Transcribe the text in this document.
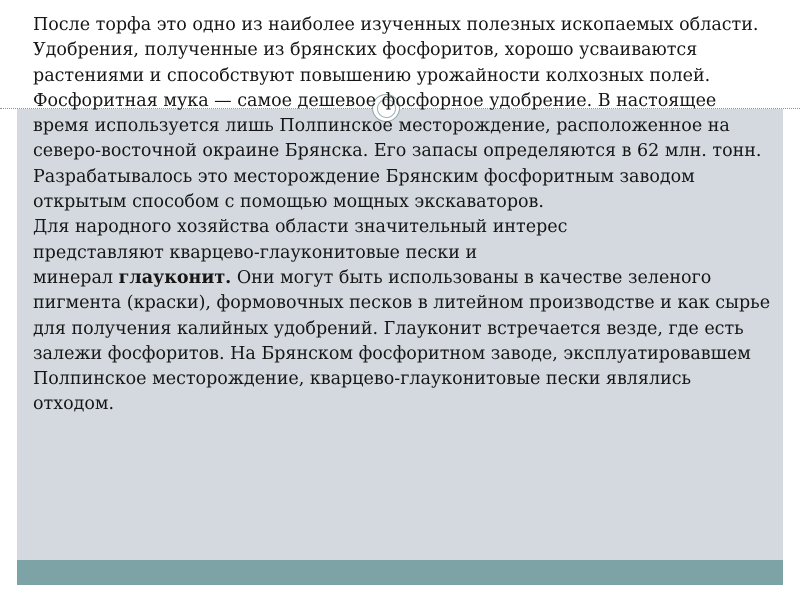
После торфа это одно из наиболее изученных полезных ископаемых области. Удобрения, полученные из брянских фосфоритов, хорошо усваиваются растениями и способствуют повышению урожайности колхозных полей. Фосфоритная мука — самое дешевое фосфорное удобрение. В настоящее время используется лишь Полпинское месторождение, расположенное на северо-восточной окраине Брянска. Его запасы определяются в 62 млн. тонн. Разрабатывалось это месторождение Брянским фосфоритным заводом открытым способом с помощью мощных экскаваторов.

Для народного хозяйства области значительный интерес
представляют кварцево-глауконитовые пески и
минерал глауконит. Они могут быть использованы в качестве зеленого пигмента (краски), формовочных песков в литейном производстве и как сырье для получения калийных удобрений. Глауконит встречается везде, где есть залежи фосфоритов. На Брянском фосфоритном заводе, эксплуатировавшем Полпинское месторождение, кварцево-глауконитовые пески являлись отходом.
